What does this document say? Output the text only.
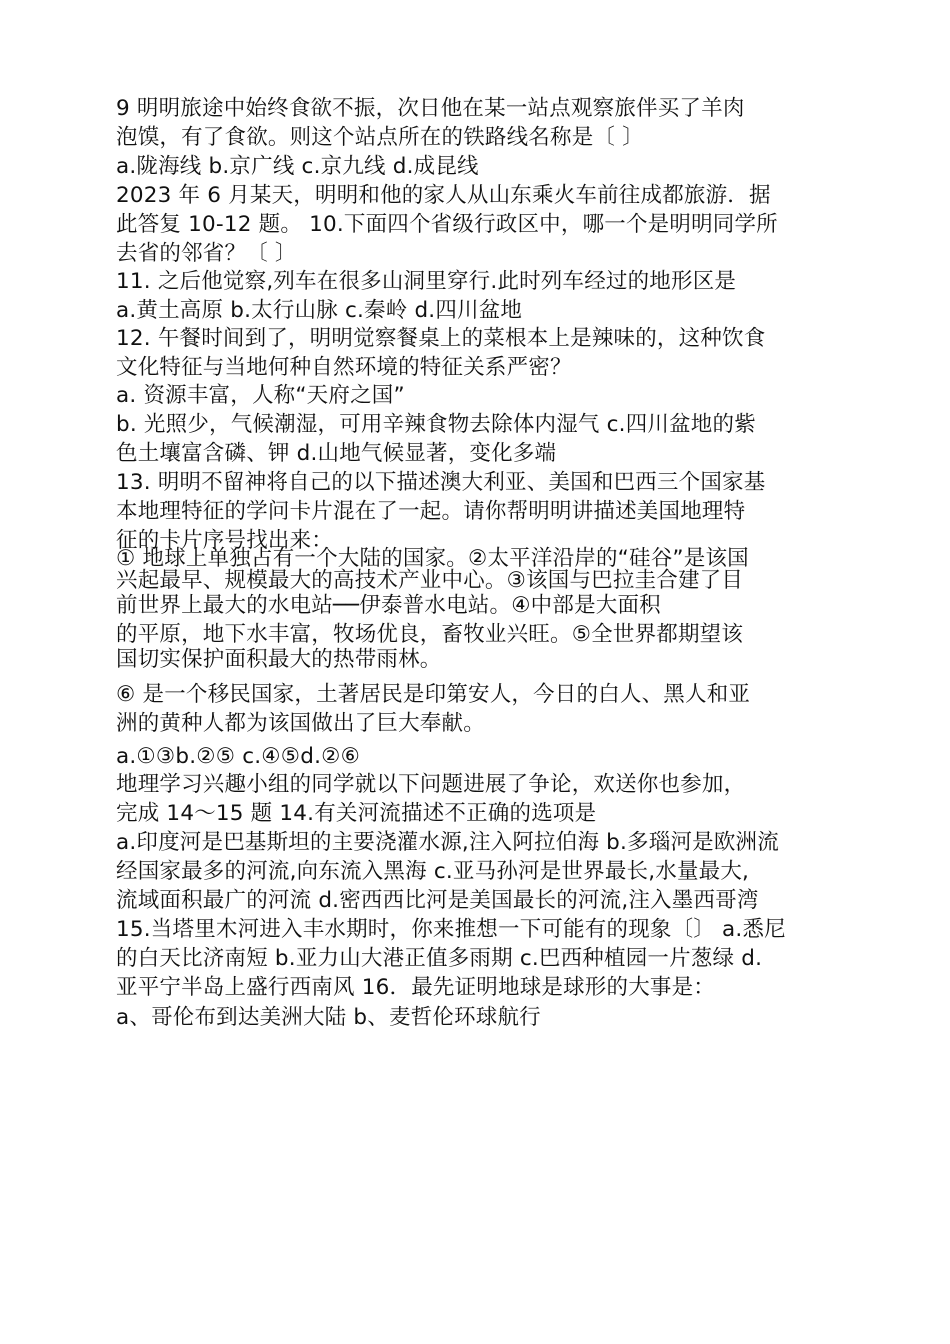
9 明明旅途中始终食欲不振，次日他在某一站点观察旅伴买了羊肉
泡馍，有了食欲。则这个站点所在的铁路线名称是〔 〕
a.陇海线 b.京广线 c.京九线 d.成昆线
2023 年 6 月某天，明明和他的家人从山东乘火车前往成都旅游．据
此答复 10-12 题。 10.下面四个省级行政区中，哪一个是明明同学所
去省的邻省？〔 〕
11. 之后他觉察,列车在很多山洞里穿行.此时列车经过的地形区是
a.黄土高原 b.太行山脉 c.秦岭 d.四川盆地
12. 午餐时间到了，明明觉察餐桌上的菜根本上是辣味的，这种饮食
文化特征与当地何种自然环境的特征关系严密？
a. 资源丰富，人称“天府之国”
b. 光照少，气候潮湿，可用辛辣食物去除体内湿气 c.四川盆地的紫
色土壤富含磷、钾 d.山地气候显著，变化多端
13. 明明不留神将自己的以下描述澳大利亚、美国和巴西三个国家基
本地理特征的学问卡片混在了一起。请你帮明明讲描述美国地理特
征的卡片序号找出来：
① 地球上单独占有一个大陆的国家。②太平洋沿岸的“硅谷”是该国
兴起最早、规模最大的高技术产业中心。③该国与巴拉圭合建了目
前世界上最大的水电站──伊泰普水电站。④中部是大面积
的平原，地下水丰富，牧场优良，畜牧业兴旺。⑤全世界都期望该
国切实保护面积最大的热带雨林。
⑥ 是一个移民国家，土著居民是印第安人，今日的白人、黑人和亚
洲的黄种人都为该国做出了巨大奉献。
a.①③b.②⑤ c.④⑤d.②⑥
地理学习兴趣小组的同学就以下问题进展了争论，欢送你也参加，
完成 14～15 题 14.有关河流描述不正确的选项是
a.印度河是巴基斯坦的主要浇灌水源,注入阿拉伯海 b.多瑙河是欧洲流
经国家最多的河流,向东流入黑海 c.亚马孙河是世界最长,水量最大,
流域面积最广的河流 d.密西西比河是美国最长的河流,注入墨西哥湾
15.当塔里木河进入丰水期时，你来推想一下可能有的现象〔〕 a.悉尼
的白天比济南短 b.亚力山大港正值多雨期 c.巴西种植园一片葱绿 d.
亚平宁半岛上盛行西南风 16．最先证明地球是球形的大事是：
a、哥伦布到达美洲大陆 b、麦哲伦环球航行
